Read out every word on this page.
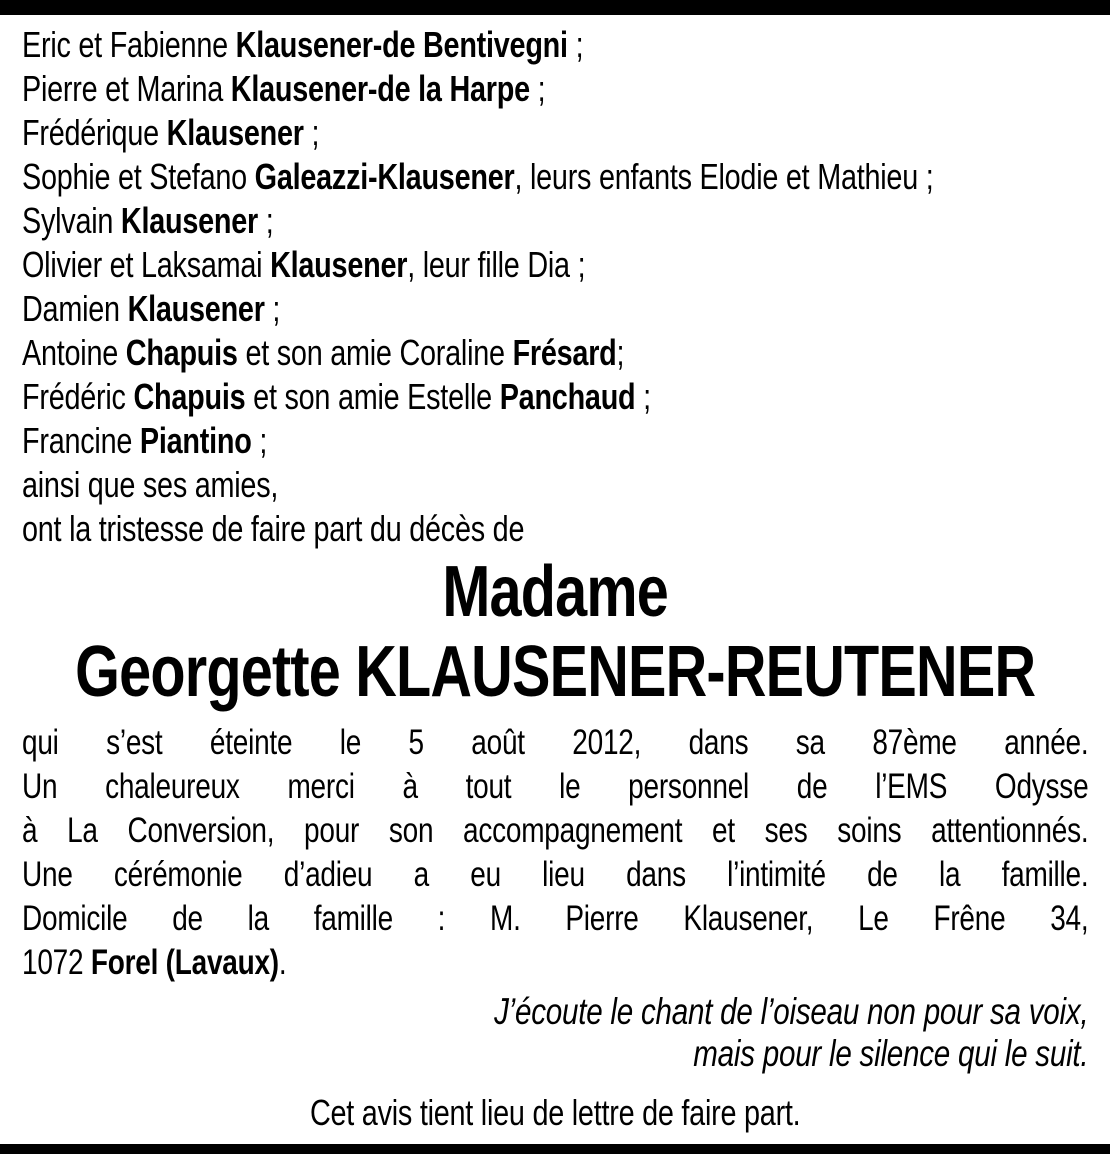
Eric et Fabienne Klausener-de Bentivegni ;
Pierre et Marina Klausener-de la Harpe ;
Frédérique Klausener ;
Sophie et Stefano Galeazzi-Klausener, leurs enfants Elodie et Mathieu ;
Sylvain Klausener ;
Olivier et Laksamai Klausener, leur fille Dia ;
Damien Klausener ;
Antoine Chapuis et son amie Coraline Frésard;
Frédéric Chapuis et son amie Estelle Panchaud ;
Francine Piantino ;
ainsi que ses amies,
ont la tristesse de faire part du décès de
Madame
Georgette KLAUSENER-REUTENER
qui s’est éteinte le 5 août 2012, dans sa 87ème année.
Un chaleureux merci à tout le personnel de l’EMS Odysse
à La Conversion, pour son accompagnement et ses soins attentionnés.
Une cérémonie d’adieu a eu lieu dans l’intimité de la famille.
Domicile de la famille : M. Pierre Klausener, Le Frêne 34,
1072 Forel (Lavaux).
J’écoute le chant de l’oiseau non pour sa voix,
mais pour le silence qui le suit.
Cet avis tient lieu de lettre de faire part.
